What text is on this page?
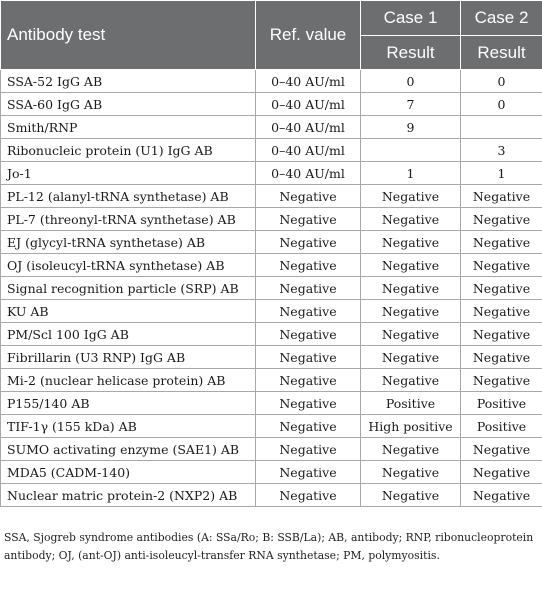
Antibody test	Ref. value	Case 1	Case 2
		Result	Result
SSA-52 IgG AB	0–40 AU/ml	0	0
SSA-60 IgG AB	0–40 AU/ml	7	0
Smith/RNP	0–40 AU/ml	9	
Ribonucleic protein (U1) IgG AB	0–40 AU/ml		3
Jo-1	0–40 AU/ml	1	1
PL-12 (alanyl-tRNA synthetase) AB	Negative	Negative	Negative
PL-7 (threonyl-tRNA synthetase) AB	Negative	Negative	Negative
EJ (glycyl-tRNA synthetase) AB	Negative	Negative	Negative
OJ (isoleucyl-tRNA synthetase) AB	Negative	Negative	Negative
Signal recognition particle (SRP) AB	Negative	Negative	Negative
KU AB	Negative	Negative	Negative
PM/Scl 100 IgG AB	Negative	Negative	Negative
Fibrillarin (U3 RNP) IgG AB	Negative	Negative	Negative
Mi-2 (nuclear helicase protein) AB	Negative	Negative	Negative
P155/140 AB	Negative	Positive	Positive
TIF-1γ (155 kDa) AB	Negative	High positive	Positive
SUMO activating enzyme (SAE1) AB	Negative	Negative	Negative
MDA5 (CADM-140)	Negative	Negative	Negative
Nuclear matric protein-2 (NXP2) AB	Negative	Negative	Negative
SSA, Sjogreb syndrome antibodies (A: SSa/Ro; B: SSB/La); AB, antibody; RNP, ribonucleoprotein antibody; OJ, (ant-OJ) anti-isoleucyl-transfer RNA synthetase; PM, polymyositis.
